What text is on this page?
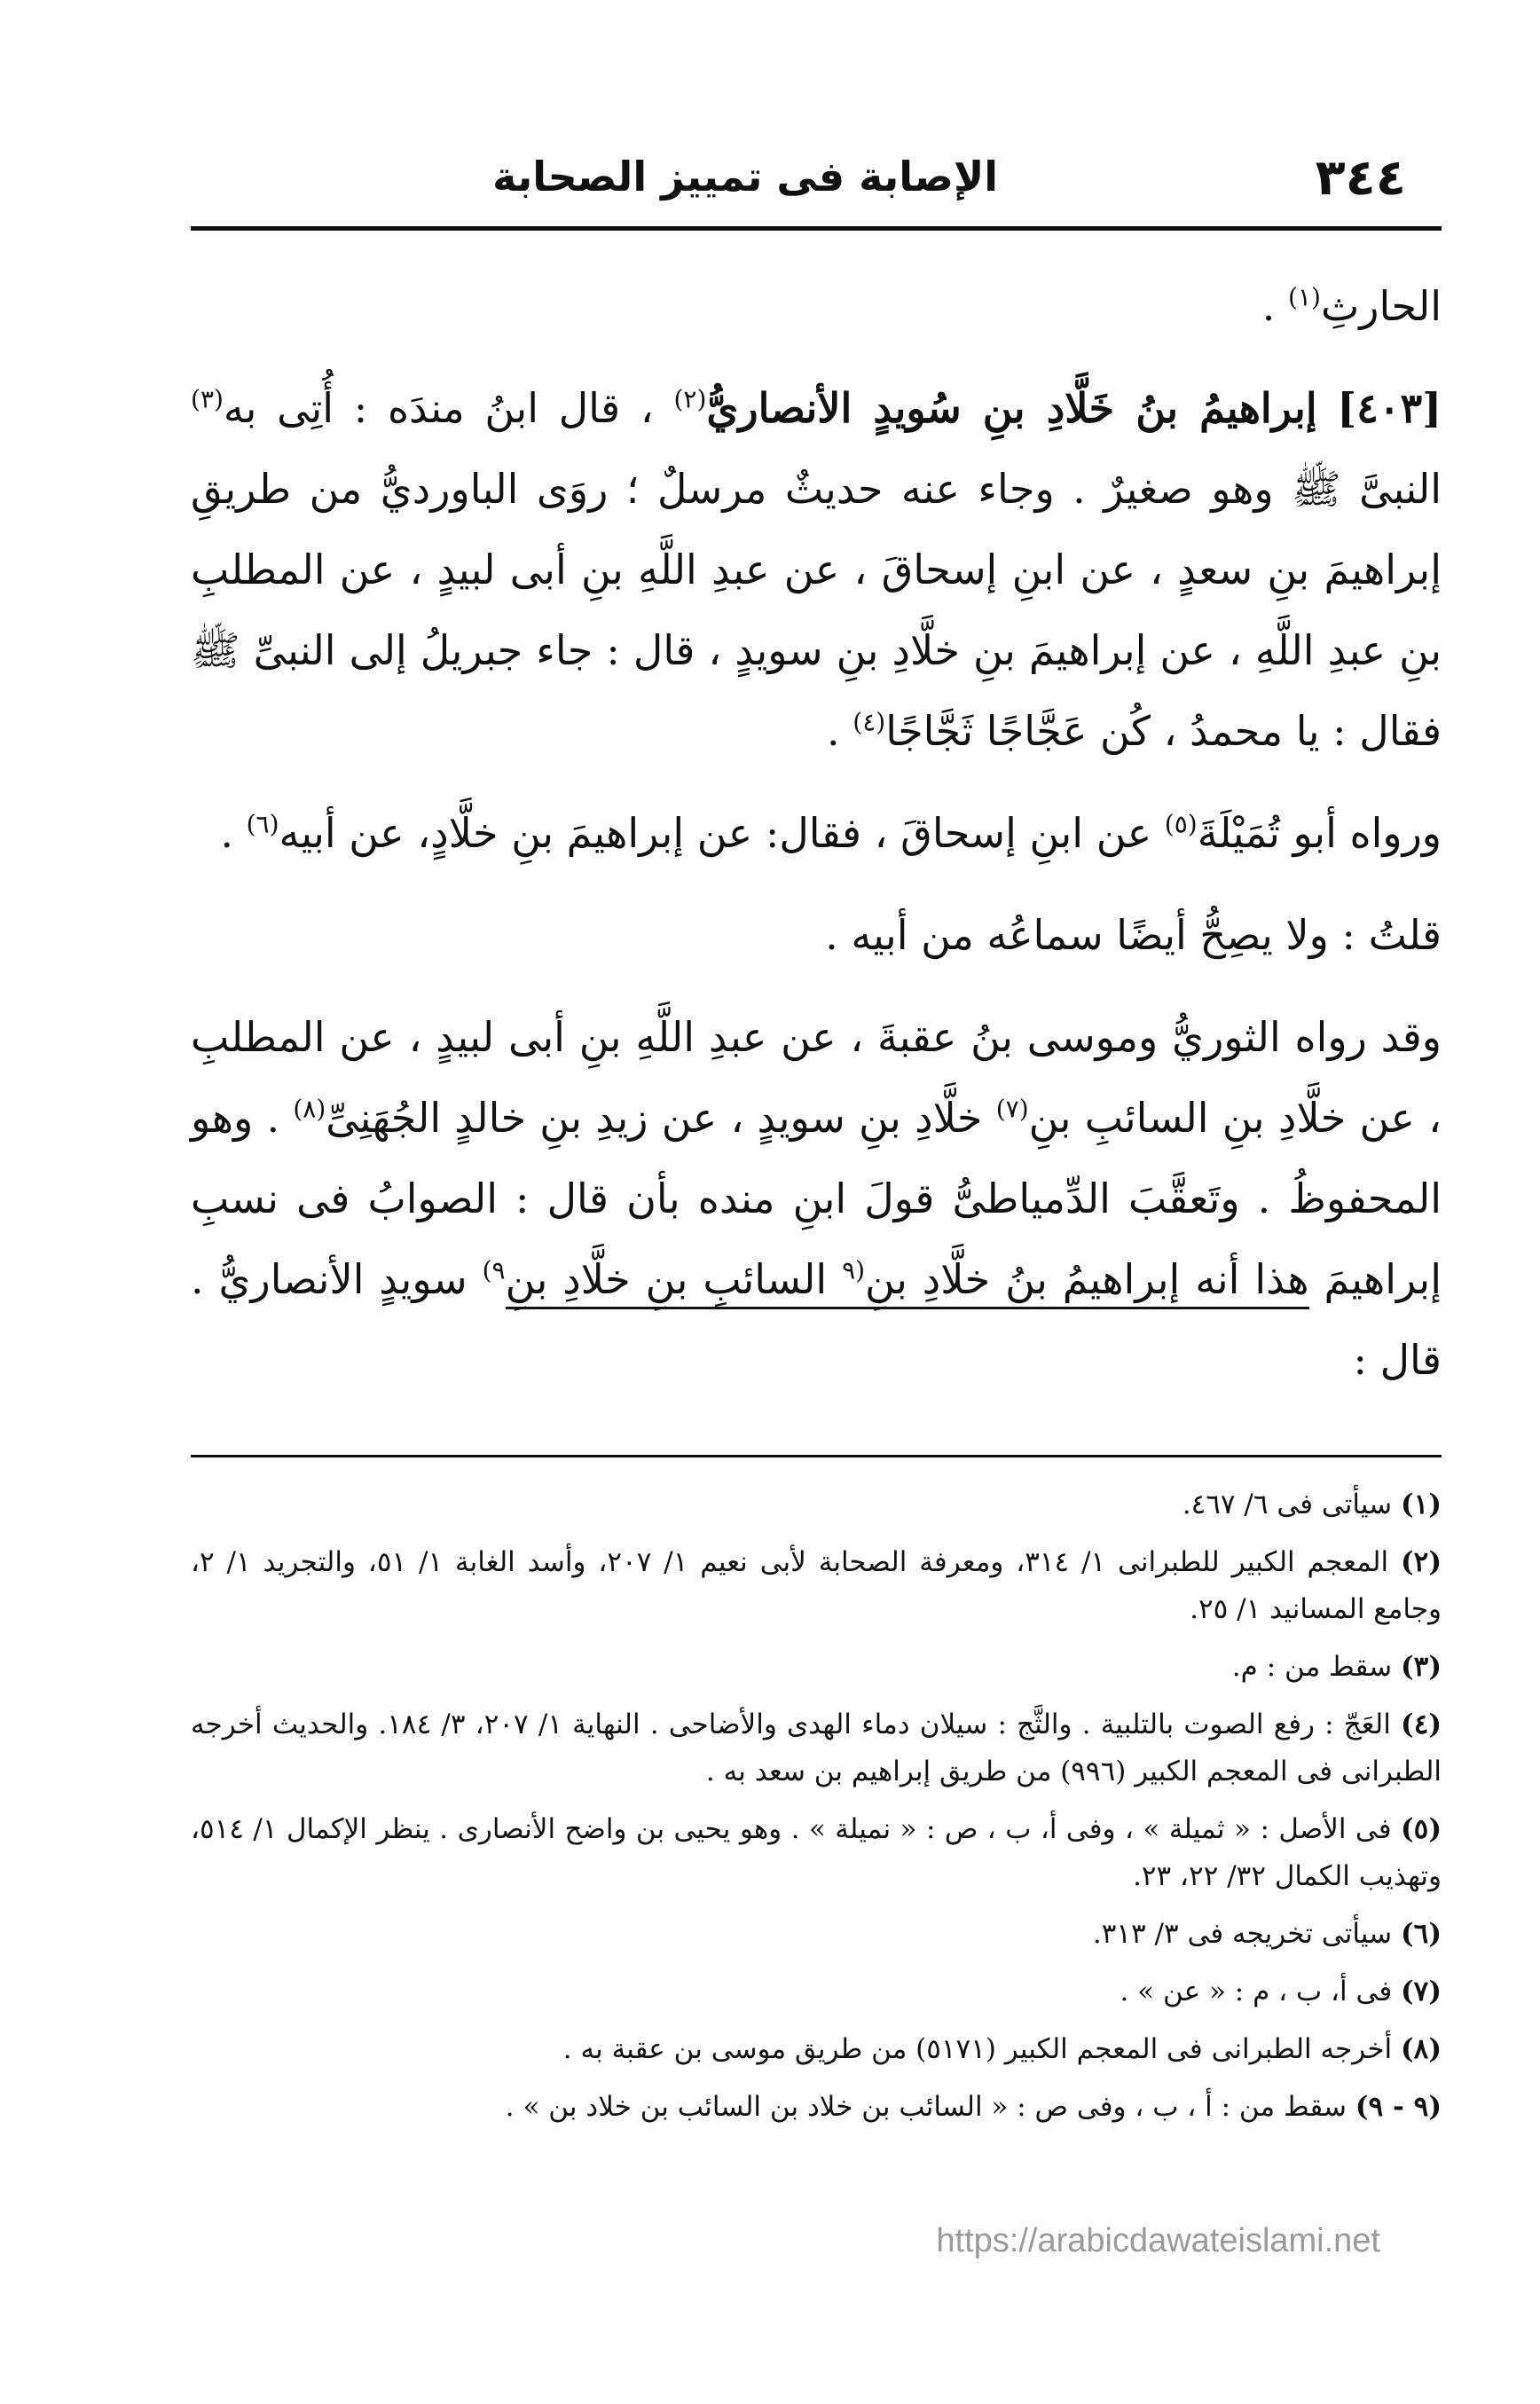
٣٤٤
الإصابة فى تمييز الصحابة

الحارثِ$^{(١)}$ .

[٤٠٣] إبراهيمُ بنُ خَلَّادِ بنِ سُويدٍ الأنصاريُّ$^{(٢)}$ ، قال ابنُ مندَه : أُتِى به$^{(٣)}$ النبىَّ ﷺ وهو صغيرٌ . وجاء عنه حديثٌ مرسلٌ ؛ روَى الباورديُّ من طريقِ إبراهيمَ بنِ سعدٍ ، عن ابنِ إسحاقَ ، عن عبدِ اللَّهِ بنِ أبى لبيدٍ ، عن المطلبِ بنِ عبدِ اللَّهِ ، عن إبراهيمَ بنِ خلَّادِ بنِ سويدٍ ، قال : جاء جبريلُ إلى النبىِّ ﷺ فقال : يا محمدُ ، كُن عَجَّاجًا ثَجَّاجًا$^{(٤)}$ .

ورواه أبو تُمَيْلَةَ$^{(٥)}$ عن ابنِ إسحاقَ ، فقال: عن إبراهيمَ بنِ خلَّادٍ، عن أبيه$^{(٦)}$ .

قلتُ : ولا يصِحُّ أيضًا سماعُه من أبيه .

وقد رواه الثوريُّ وموسى بنُ عقبةَ ، عن عبدِ اللَّهِ بنِ أبى لبيدٍ ، عن المطلبِ ، عن خلَّادِ بنِ السائبِ بنِ$^{(٧)}$ خلَّادِ بنِ سويدٍ ، عن زيدِ بنِ خالدٍ الجُهَنِىِّ$^{(٨)}$ . وهو المحفوظُ . وتَعقَّبَ الدِّمياطىُّ قولَ ابنِ منده بأن قال : الصوابُ فى نسبِ إبراهيمَ هذا أنه إبراهيمُ بنُ خلَّادِ بنِ$^{(٩}$ السائبِ بنِ خلَّادِ بنِ$^{٩)}$ سويدٍ الأنصاريُّ . قال :

(١) سيأتى فى ٦/ ٤٦٧.

(٢) المعجم الكبير للطبرانى ١/ ٣١٤، ومعرفة الصحابة لأبى نعيم ١/ ٢٠٧، وأسد الغابة ١/ ٥١، والتجريد ١/ ٢، وجامع المسانيد ١/ ٢٥.

(٣) سقط من : م.

(٤) العَجّ : رفع الصوت بالتلبية . والثَّج : سيلان دماء الهدى والأضاحى . النهاية ١/ ٢٠٧، ٣/ ١٨٤. والحديث أخرجه الطبرانى فى المعجم الكبير (٩٩٦) من طريق إبراهيم بن سعد به .

(٥) فى الأصل : « ثميلة » ، وفى أ، ب ، ص : « نميلة » . وهو يحيى بن واضح الأنصارى . ينظر الإكمال ١/ ٥١٤، وتهذيب الكمال ٣٢/ ٢٢، ٢٣.

(٦) سيأتى تخريجه فى ٣/ ٣١٣.

(٧) فى أ، ب ، م : « عن » .

(٨) أخرجه الطبرانى فى المعجم الكبير (٥١٧١) من طريق موسى بن عقبة به .

(٩ - ٩) سقط من : أ ، ب ، وفى ص : « السائب بن خلاد بن السائب بن خلاد بن » .

https://arabicdawateislami.net
